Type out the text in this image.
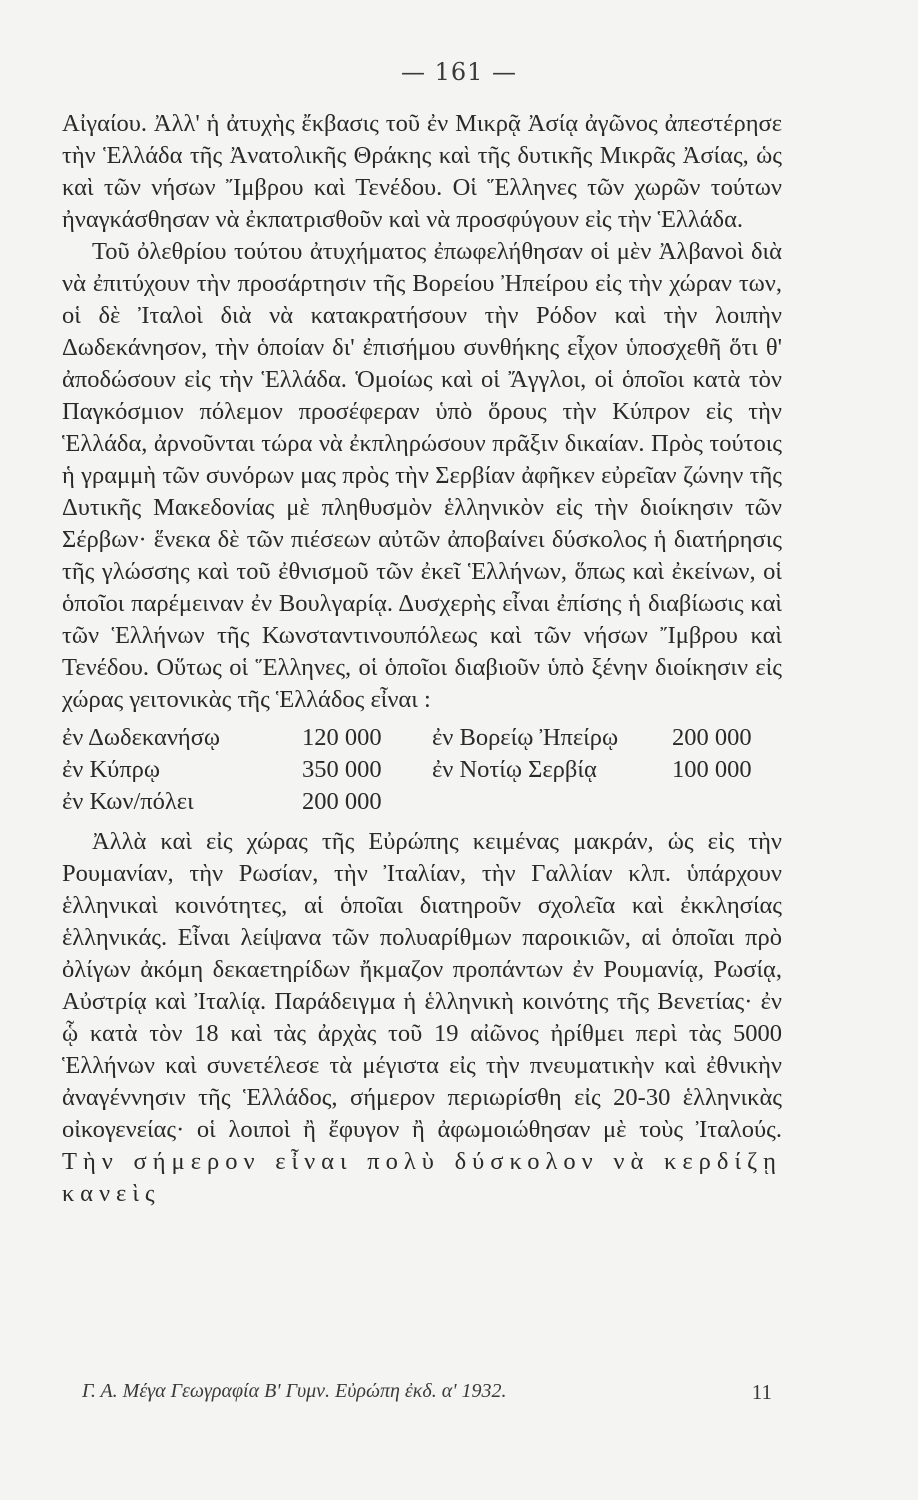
— 161 —

Αἰγαίου. Ἀλλ' ἡ ἀτυχὴς ἔκβασις τοῦ ἐν Μικρᾷ Ἀσίᾳ ἀγῶνος ἀπεστέρησε τὴν Ἑλλάδα τῆς Ἀνατολικῆς Θράκης καὶ τῆς δυτικῆς Μικρᾶς Ἀσίας, ὡς καὶ τῶν νήσων Ἴμβρου καὶ Τενέδου. Οἱ Ἕλληνες τῶν χωρῶν τούτων ἠναγκάσθησαν νὰ ἐκπατρισθοῦν καὶ νὰ προσφύγουν εἰς τὴν Ἑλλάδα.

Τοῦ ὀλεθρίου τούτου ἀτυχήματος ἐπωφελήθησαν οἱ μὲν Ἀλβανοὶ διὰ νὰ ἐπιτύχουν τὴν προσάρτησιν τῆς Βορείου Ἠπείρου εἰς τὴν χώραν των, οἱ δὲ Ἰταλοὶ διὰ νὰ κατακρατήσουν τὴν Ρόδον καὶ τὴν λοιπὴν Δωδεκάνησον, τὴν ὁποίαν δι' ἐπισήμου συνθήκης εἶχον ὑποσχεθῆ ὅτι θ' ἀποδώσουν εἰς τὴν Ἑλλάδα. Ὁμοίως καὶ οἱ Ἄγγλοι, οἱ ὁποῖοι κατὰ τὸν Παγκόσμιον πόλεμον προσέφεραν ὑπὸ ὅρους τὴν Κύπρον εἰς τὴν Ἑλλάδα, ἀρνοῦνται τώρα νὰ ἐκπληρώσουν πρᾶξιν δικαίαν. Πρὸς τούτοις ἡ γραμμὴ τῶν συνόρων μας πρὸς τὴν Σερβίαν ἀφῆκεν εὐρεῖαν ζώνην τῆς Δυτικῆς Μακεδονίας μὲ πληθυσμὸν ἑλληνικὸν εἰς τὴν διοίκησιν τῶν Σέρβων· ἕνεκα δὲ τῶν πιέσεων αὐτῶν ἀποβαίνει δύσκολος ἡ διατήρησις τῆς γλώσσης καὶ τοῦ ἐθνισμοῦ τῶν ἐκεῖ Ἑλλήνων, ὅπως καὶ ἐκείνων, οἱ ὁποῖοι παρέμειναν ἐν Βουλγαρίᾳ. Δυσχερὴς εἶναι ἐπίσης ἡ διαβίωσις καὶ τῶν Ἑλλήνων τῆς Κωνσταντινουπόλεως καὶ τῶν νήσων Ἴμβρου καὶ Τενέδου. Οὕτως οἱ Ἕλληνες, οἱ ὁποῖοι διαβιοῦν ὑπὸ ξένην διοίκησιν εἰς χώρας γειτονικὰς τῆς Ἑλλάδος εἶναι :

ἐν Δωδεκανήσῳ	120 000	ἐν Βορείῳ Ἠπείρῳ	200 000
ἐν Κύπρῳ	350 000	ἐν Νοτίῳ Σερβίᾳ	100 000
ἐν Κων/πόλει	200 000		

Ἀλλὰ καὶ εἰς χώρας τῆς Εὐρώπης κειμένας μακράν, ὡς εἰς τὴν Ρουμανίαν, τὴν Ρωσίαν, τὴν Ἰταλίαν, τὴν Γαλλίαν κλπ. ὑπάρχουν ἑλληνικαὶ κοινότητες, αἱ ὁποῖαι διατηροῦν σχολεῖα καὶ ἐκκλησίας ἑλληνικάς. Εἶναι λείψανα τῶν πολυαρίθμων παροικιῶν, αἱ ὁποῖαι πρὸ ὀλίγων ἀκόμη δεκαετηρίδων ἤκμαζον προπάντων ἐν Ρουμανίᾳ, Ρωσίᾳ, Αὐστρίᾳ καὶ Ἰταλίᾳ. Παράδειγμα ἡ ἑλληνικὴ κοινότης τῆς Βενετίας· ἐν ᾧ κατὰ τὸν 18 καὶ τὰς ἀρχὰς τοῦ 19 αἰῶνος ἠρίθμει περὶ τὰς 5000 Ἑλλήνων καὶ συνετέλεσε τὰ μέγιστα εἰς τὴν πνευματικὴν καὶ ἐθνικὴν ἀναγέννησιν τῆς Ἑλλάδος, σήμερον περιωρίσθη εἰς 20-30 ἑλληνικὰς οἰκογενείας· οἱ λοιποὶ ἢ ἔφυγον ἢ ἀφωμοιώθησαν μὲ τοὺς Ἰταλούς. Τὴν σήμερον εἶναι πολὺ δύσκολον νὰ κερδίζῃ κανεὶς

Γ. Α. Μέγα Γεωγραφία Β' Γυμν. Εὐρώπη ἐκδ. α' 1932.	11
